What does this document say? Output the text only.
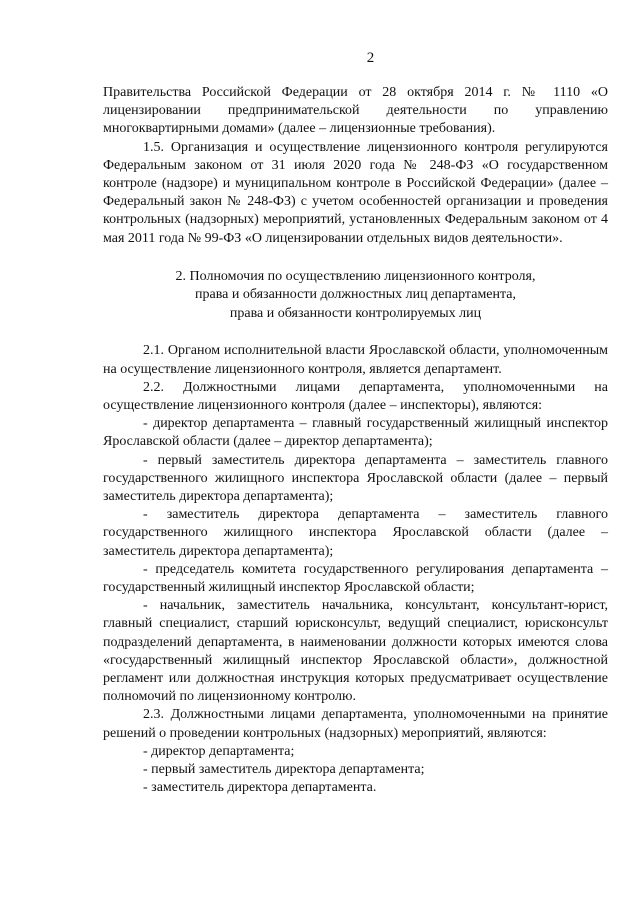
2

Правительства Российской Федерации от 28 октября 2014 г. № 1110 «О лицензировании предпринимательской деятельности по управлению многоквартирными домами» (далее – лицензионные требования).

1.5. Организация и осуществление лицензионного контроля регулируются Федеральным законом от 31 июля 2020 года № 248-ФЗ «О государственном контроле (надзоре) и муниципальном контроле в Российской Федерации» (далее – Федеральный закон № 248-ФЗ) с учетом особенностей организации и проведения контрольных (надзорных) мероприятий, установленных Федеральным законом от 4 мая 2011 года № 99-ФЗ «О лицензировании отдельных видов деятельности».

2. Полномочия по осуществлению лицензионного контроля,
права и обязанности должностных лиц департамента,
права и обязанности контролируемых лиц

2.1. Органом исполнительной власти Ярославской области, уполномоченным на осуществление лицензионного контроля, является департамент.

2.2. Должностными лицами департамента, уполномоченными на осуществление лицензионного контроля (далее – инспекторы), являются:

- директор департамента – главный государственный жилищный инспектор Ярославской области (далее – директор департамента);

- первый заместитель директора департамента – заместитель главного государственного жилищного инспектора Ярославской области (далее – первый заместитель директора департамента);

- заместитель директора департамента – заместитель главного государственного жилищного инспектора Ярославской области (далее – заместитель директора департамента);

- председатель комитета государственного регулирования департамента – государственный жилищный инспектор Ярославской области;

- начальник, заместитель начальника, консультант, консультант-юрист, главный специалист, старший юрисконсульт, ведущий специалист, юрисконсульт подразделений департамента, в наименовании должности которых имеются слова «государственный жилищный инспектор Ярославской области», должностной регламент или должностная инструкция которых предусматривает осуществление полномочий по лицензионному контролю.

2.3. Должностными лицами департамента, уполномоченными на принятие решений о проведении контрольных (надзорных) мероприятий, являются:

- директор департамента;

- первый заместитель директора департамента;

- заместитель директора департамента.
